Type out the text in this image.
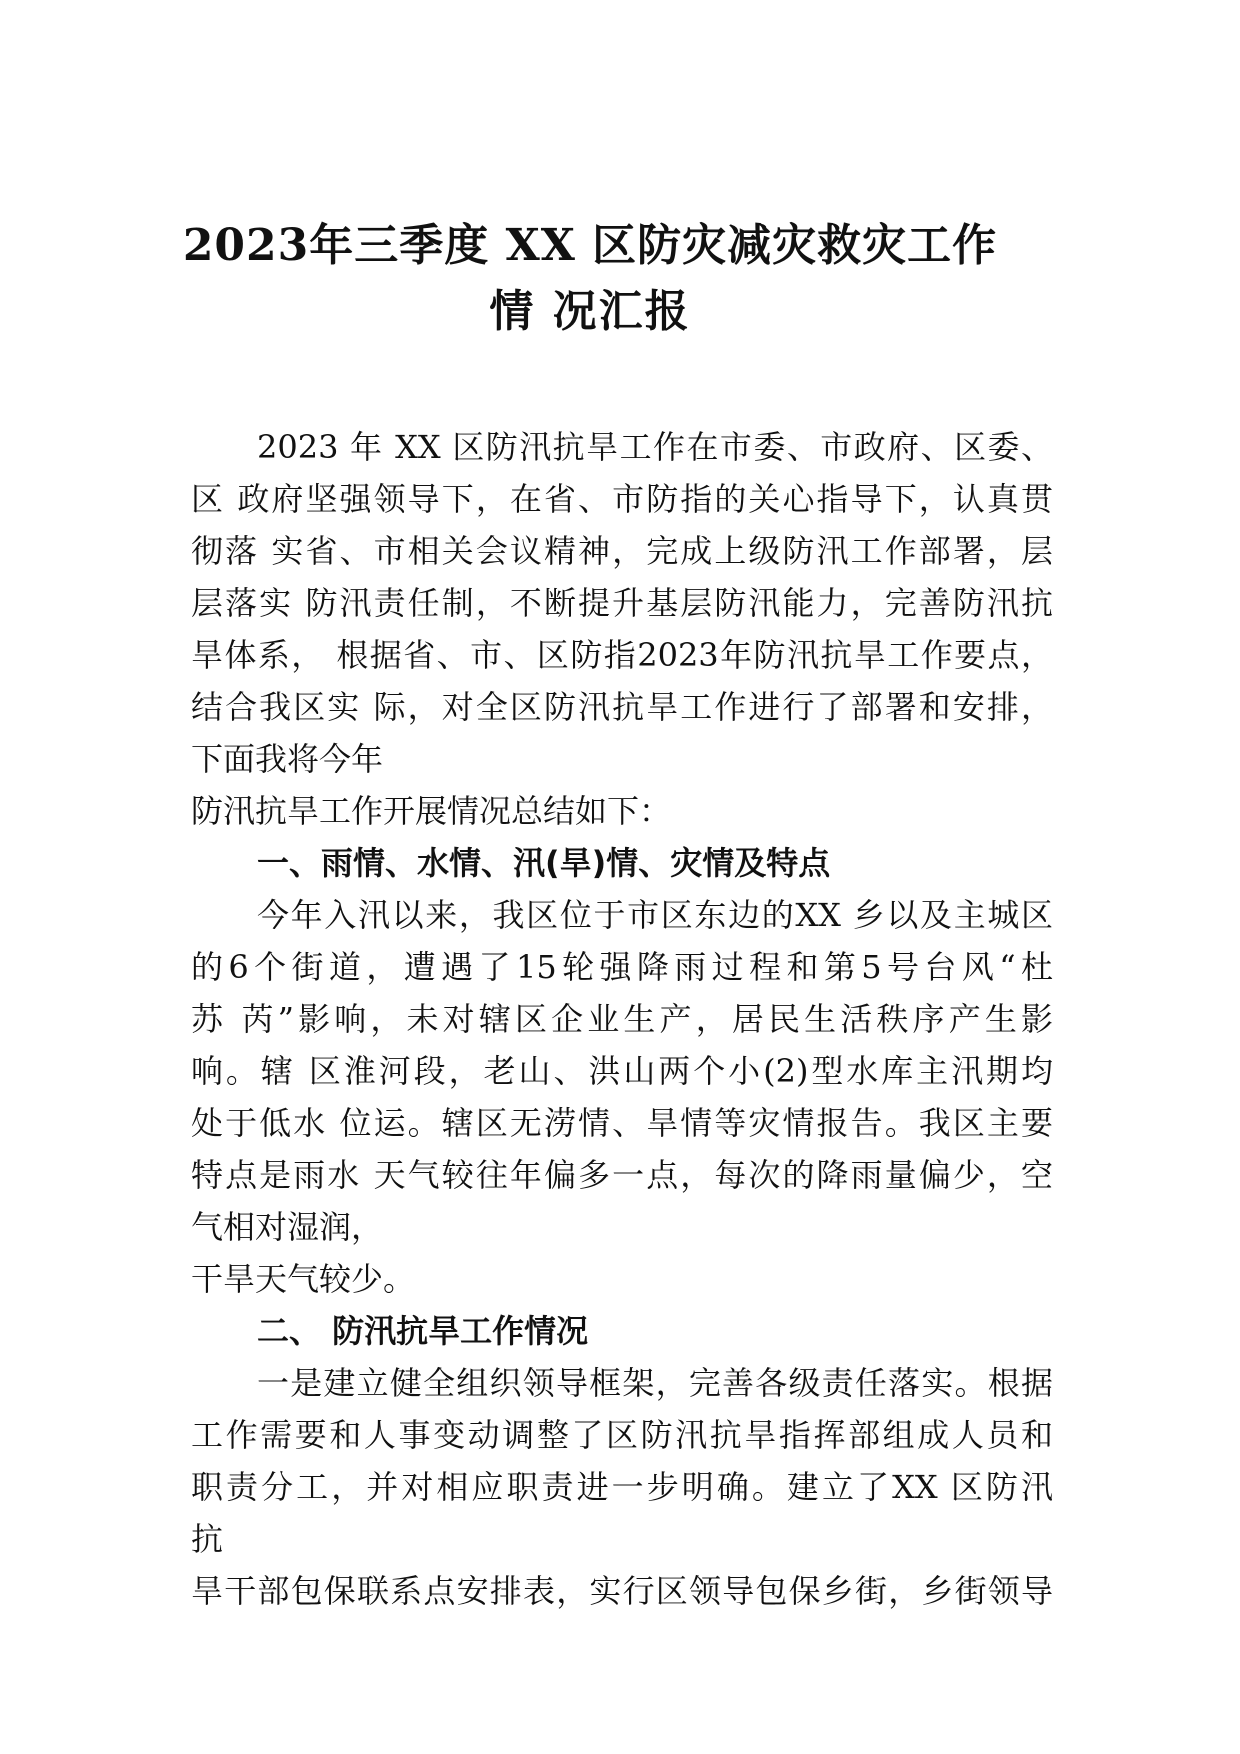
2023年三季度 XX 区防灾减灾救灾工作
情 况汇报

2023 年 XX 区防汛抗旱工作在市委、市政府、区委、

区 政府坚强领导下，在省、市防指的关心指导下，认真贯

彻落 实省、市相关会议精神，完成上级防汛工作部署，层

层落实 防汛责任制，不断提升基层防汛能力，完善防汛抗

旱体系， 根据省、市、区防指2023年防汛抗旱工作要点，

结合我区实 际，对全区防汛抗旱工作进行了部署和安排，

下面我将今年

防汛抗旱工作开展情况总结如下：

一、雨情、水情、汛(旱)情、灾情及特点

今年入汛以来，我区位于市区东边的XX 乡以及主城区

的6个街道，遭遇了15轮强降雨过程和第5号台风“杜

苏 芮”影响，未对辖区企业生产，居民生活秩序产生影

响。辖 区淮河段，老山、洪山两个小(2)型水库主汛期均

处于低水 位运。辖区无涝情、旱情等灾情报告。我区主要

特点是雨水 天气较往年偏多一点，每次的降雨量偏少，空

气相对湿润，

干旱天气较少。

二、 防汛抗旱工作情况

一是建立健全组织领导框架，完善各级责任落实。根据

工作需要和人事变动调整了区防汛抗旱指挥部组成人员和

职责分工，并对相应职责进一步明确。建立了XX 区防汛

抗

旱干部包保联系点安排表，实行区领导包保乡街，乡街领导
